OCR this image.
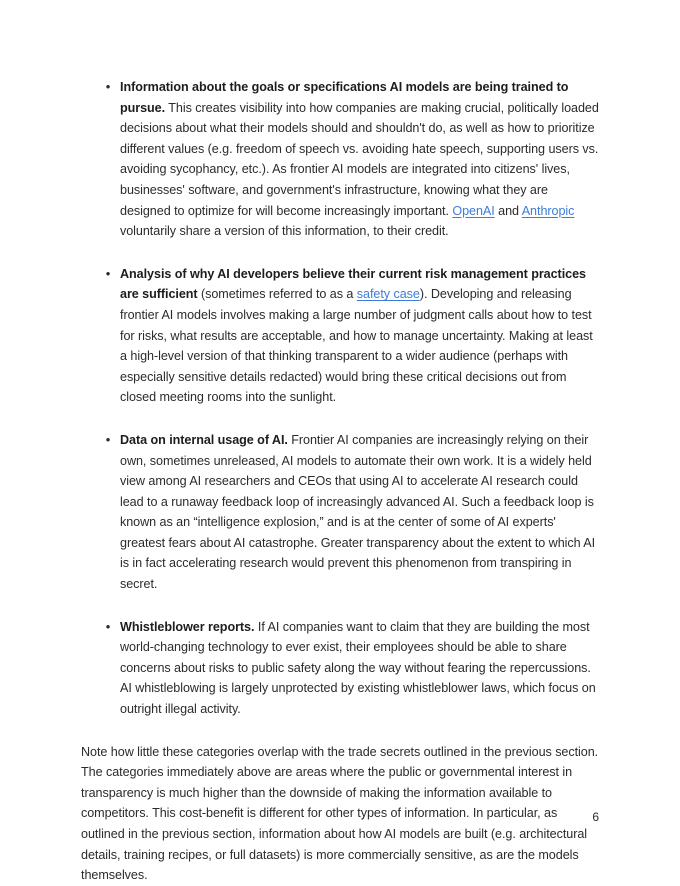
• Information about the goals or specifications AI models are being trained to pursue. This creates visibility into how companies are making crucial, politically loaded decisions about what their models should and shouldn't do, as well as how to prioritize different values (e.g. freedom of speech vs. avoiding hate speech, supporting users vs. avoiding sycophancy, etc.). As frontier AI models are integrated into citizens' lives, businesses' software, and government's infrastructure, knowing what they are designed to optimize for will become increasingly important. OpenAI and Anthropic voluntarily share a version of this information, to their credit.
• Analysis of why AI developers believe their current risk management practices are sufficient (sometimes referred to as a safety case). Developing and releasing frontier AI models involves making a large number of judgment calls about how to test for risks, what results are acceptable, and how to manage uncertainty. Making at least a high-level version of that thinking transparent to a wider audience (perhaps with especially sensitive details redacted) would bring these critical decisions out from closed meeting rooms into the sunlight.
• Data on internal usage of AI. Frontier AI companies are increasingly relying on their own, sometimes unreleased, AI models to automate their own work. It is a widely held view among AI researchers and CEOs that using AI to accelerate AI research could lead to a runaway feedback loop of increasingly advanced AI. Such a feedback loop is known as an “intelligence explosion,” and is at the center of some of AI experts' greatest fears about AI catastrophe. Greater transparency about the extent to which AI is in fact accelerating research would prevent this phenomenon from transpiring in secret.
• Whistleblower reports. If AI companies want to claim that they are building the most world-changing technology to ever exist, their employees should be able to share concerns about risks to public safety along the way without fearing the repercussions. AI whistleblowing is largely unprotected by existing whistleblower laws, which focus on outright illegal activity.

Note how little these categories overlap with the trade secrets outlined in the previous section. The categories immediately above are areas where the public or governmental interest in transparency is much higher than the downside of making the information available to competitors. This cost-benefit is different for other types of information. In particular, as outlined in the previous section, information about how AI models are built (e.g. architectural details, training recipes, or full datasets) is more commercially sensitive, as are the models themselves.

6
